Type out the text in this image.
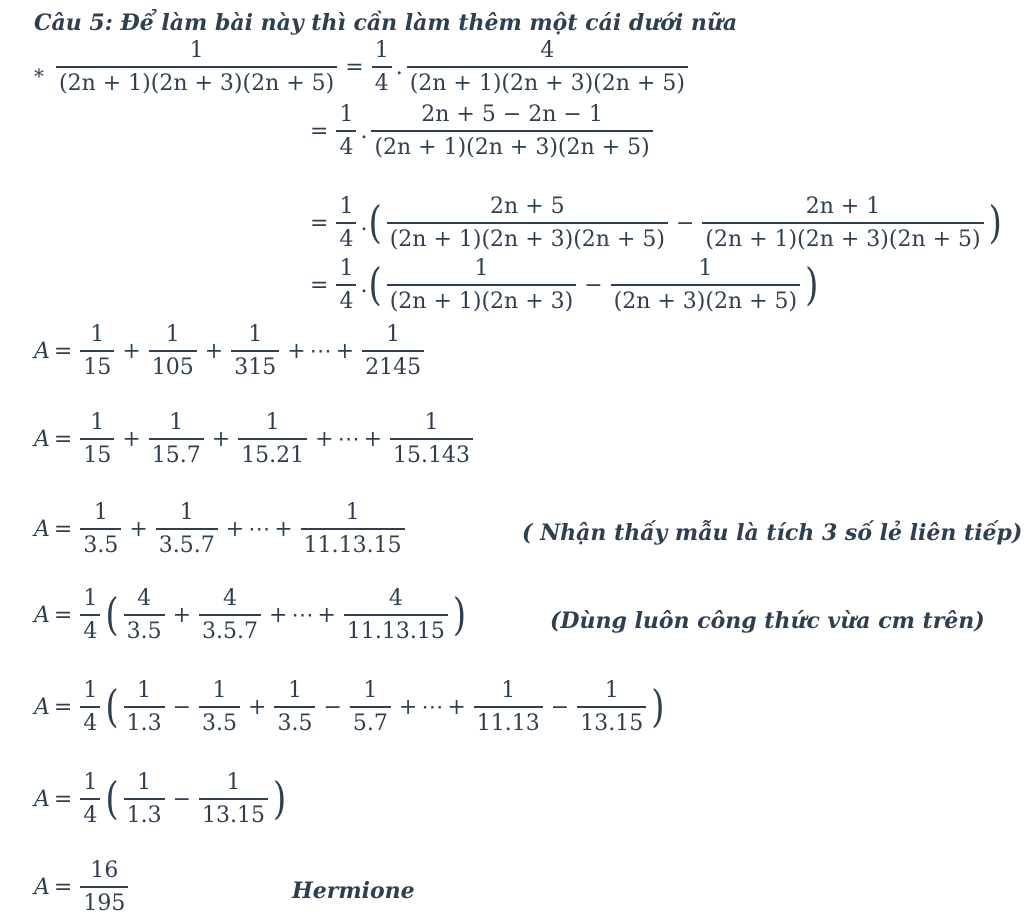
Câu 5: Để làm bài này thì cần làm thêm một cái dưới nữa
* $\frac{1}{(2n + 1)(2n + 3)(2n + 5)} = \frac{1}{4}$ . $\frac{4}{(2n + 1)(2n + 3)(2n + 5)}$
= $\frac{1}{4}$ . $\frac{2n + 5 - 2n - 1}{(2n + 1)(2n + 3)(2n + 5)}$
= $\frac{1}{4}$ . ( $\frac{2n + 5}{(2n + 1)(2n + 3)(2n + 5)} - \frac{2n + 1}{(2n + 1)(2n + 3)(2n + 5)}$ )
= $\frac{1}{4}$ . ( $\frac{1}{(2n + 1)(2n + 3)} - \frac{1}{(2n + 3)(2n + 5)}$ )
$A = \frac{1}{15} + \frac{1}{105} + \frac{1}{315}$ + ⋯ + $\frac{1}{2145}$
$A = \frac{1}{15} + \frac{1}{15.7} + \frac{1}{15.21}$ + ⋯ + $\frac{1}{15.143}$
$A = \frac{1}{3.5} + \frac{1}{3.5.7}$ + ⋯ + $\frac{1}{11.13.15}$	( Nhận thấy mẫu là tích 3 số lẻ liên tiếp)
$A = \frac{1}{4}$ ( $\frac{4}{3.5} + \frac{4}{3.5.7}$ + ⋯ + $\frac{4}{11.13.15}$ )	(Dùng luôn công thức vừa cm trên)
$A = \frac{1}{4}$ ( $\frac{1}{1.3} - \frac{1}{3.5} + \frac{1}{3.5} - \frac{1}{5.7}$ + ⋯ + $\frac{1}{11.13} - \frac{1}{13.15}$ )
$A = \frac{1}{4}$ ( $\frac{1}{1.3} - \frac{1}{13.15}$ )
$A = \frac{16}{195}$	Hermione
